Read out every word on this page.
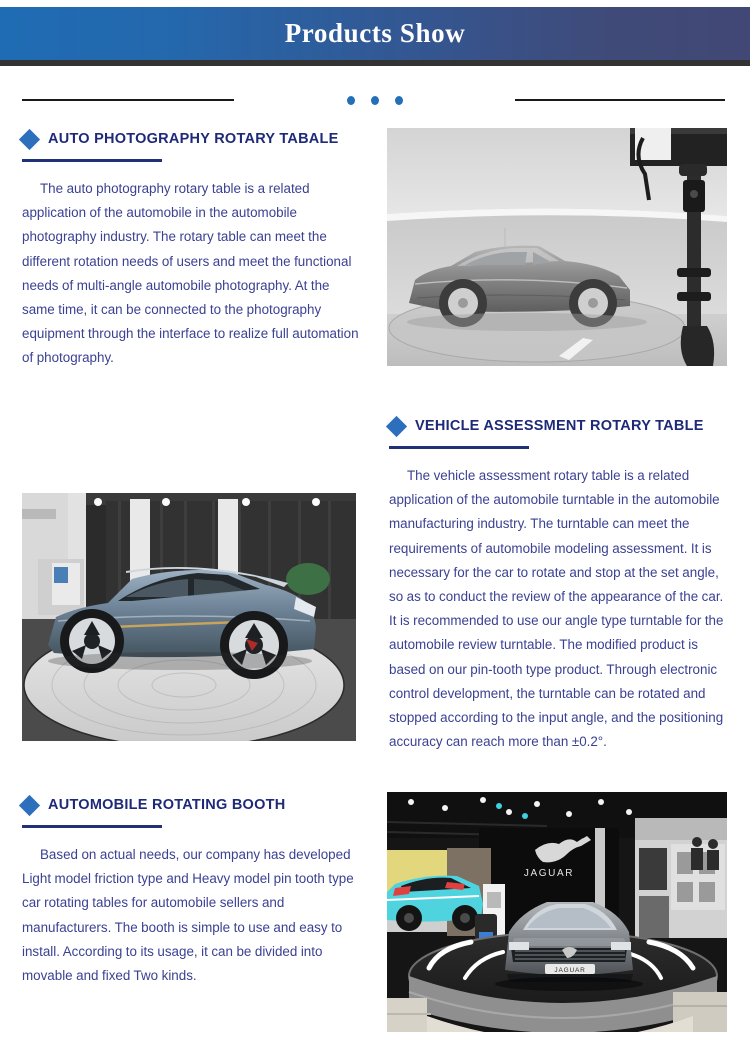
Products Show
AUTO PHOTOGRAPHY ROTARY TABALE

The auto photography rotary table is a related application of the automobile in the automobile photography industry. The rotary table can meet the different rotation needs of users and meet the functional needs of multi-angle automobile photography. At the same time, it can be connected to the photography equipment through the interface to realize full automation of photography.

VEHICLE ASSESSMENT ROTARY TABLE

The vehicle assessment rotary table is a related application of the automobile turntable in the automobile manufacturing industry. The turntable can meet the requirements of automobile modeling assessment. It is necessary for the car to rotate and stop at the set angle, so as to conduct the review of the appearance of the car. It is recommended to use our angle type turntable for the automobile review turntable. The modified product is based on our pin-tooth type product. Through electronic control development, the turntable can be rotated and stopped according to the input angle, and the positioning accuracy can reach more than ±0.2°.

AUTOMOBILE ROTATING BOOTH

Based on actual needs, our company has developed Light model friction type and Heavy model pin tooth type car rotating tables for automobile sellers and manufacturers. The booth is simple to use and easy to install. According to its usage, it can be divided into movable and fixed Two kinds.

JAGUAR
JAGUAR
